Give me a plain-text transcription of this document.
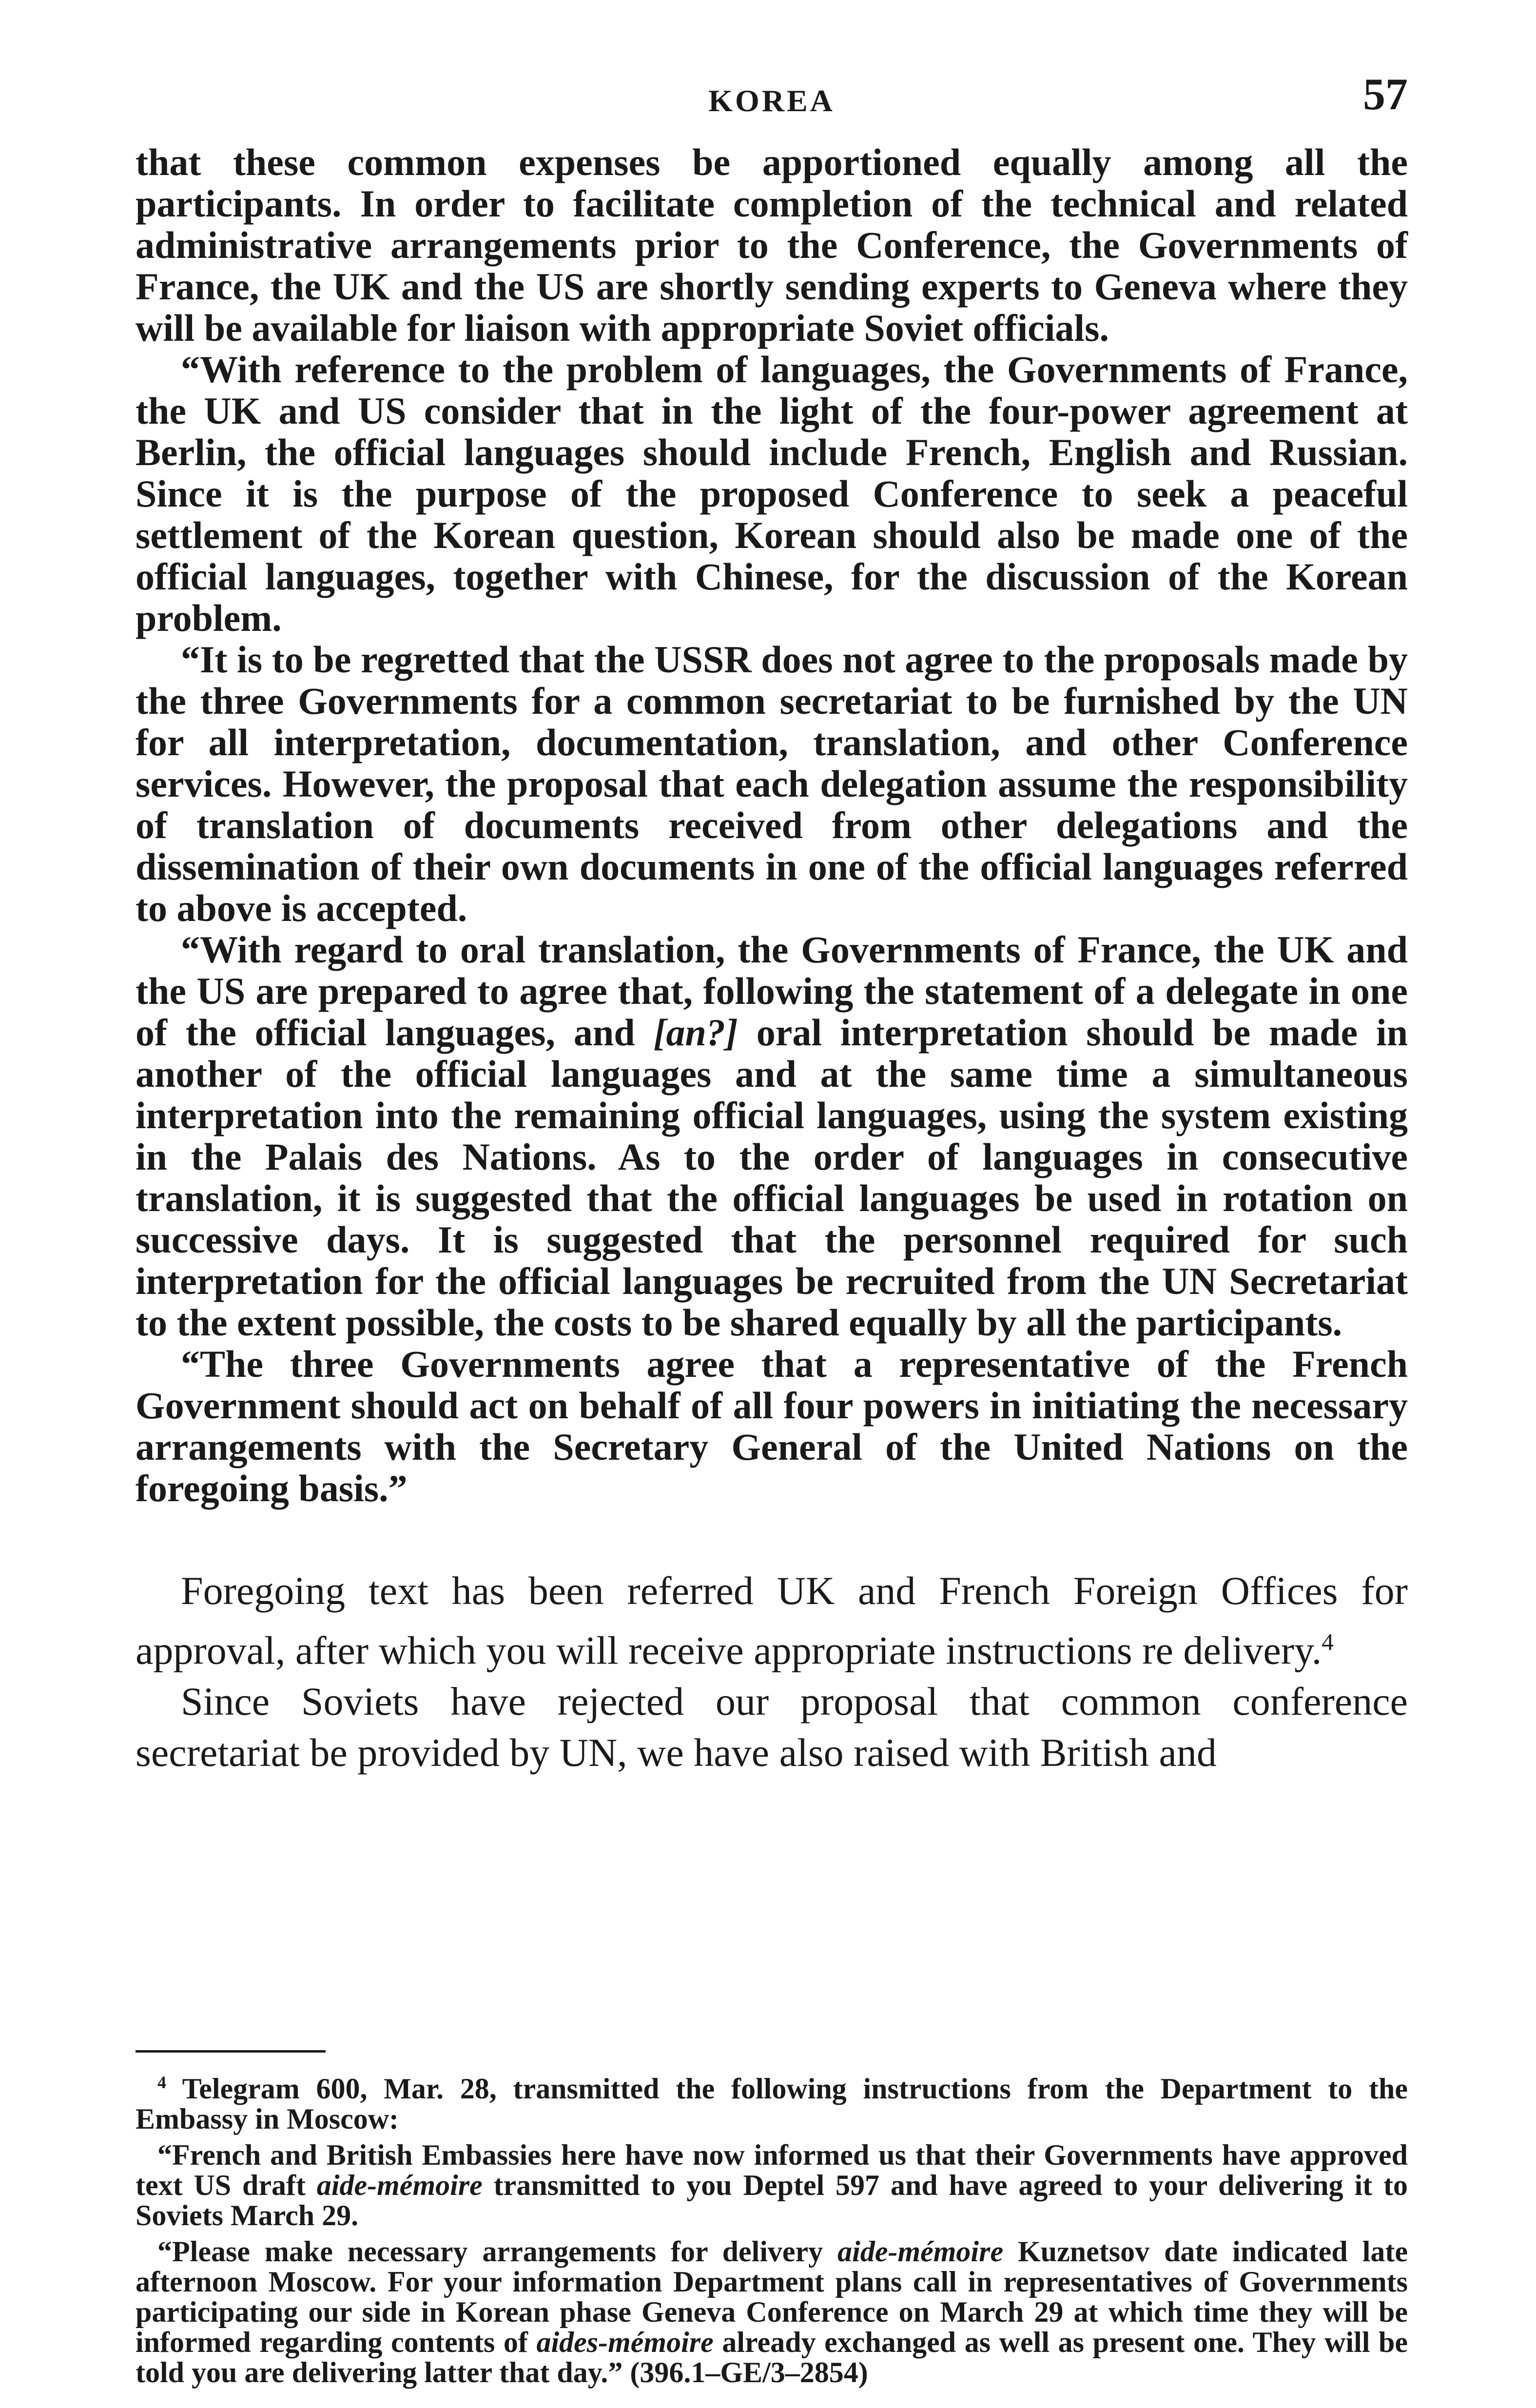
KOREA	57

that these common expenses be apportioned equally among all the participants. In order to facilitate completion of the technical and related administrative arrangements prior to the Conference, the Governments of France, the UK and the US are shortly sending experts to Geneva where they will be available for liaison with appropriate Soviet officials.

“With reference to the problem of languages, the Governments of France, the UK and US consider that in the light of the four-power agreement at Berlin, the official languages should include French, English and Russian. Since it is the purpose of the proposed Conference to seek a peaceful settlement of the Korean question, Korean should also be made one of the official languages, together with Chinese, for the discussion of the Korean problem.

“It is to be regretted that the USSR does not agree to the proposals made by the three Governments for a common secretariat to be furnished by the UN for all interpretation, documentation, translation, and other Conference services. However, the proposal that each delegation assume the responsibility of translation of documents received from other delegations and the dissemination of their own documents in one of the official languages referred to above is accepted.

“With regard to oral translation, the Governments of France, the UK and the US are prepared to agree that, following the statement of a delegate in one of the official languages, and [an?] oral interpretation should be made in another of the official languages and at the same time a simultaneous interpretation into the remaining official languages, using the system existing in the Palais des Nations. As to the order of languages in consecutive translation, it is suggested that the official languages be used in rotation on successive days. It is suggested that the personnel required for such interpretation for the official languages be recruited from the UN Secretariat to the extent possible, the costs to be shared equally by all the participants.

“The three Governments agree that a representative of the French Government should act on behalf of all four powers in initiating the necessary arrangements with the Secretary General of the United Nations on the foregoing basis.”

Foregoing text has been referred UK and French Foreign Offices for approval, after which you will receive appropriate instructions re delivery.$^4$

Since Soviets have rejected our proposal that common conference secretariat be provided by UN, we have also raised with British and

$^4$ Telegram 600, Mar. 28, transmitted the following instructions from the Department to the Embassy in Moscow:

“French and British Embassies here have now informed us that their Governments have approved text US draft aide-mémoire transmitted to you Deptel 597 and have agreed to your delivering it to Soviets March 29.

“Please make necessary arrangements for delivery aide-mémoire Kuznetsov date indicated late afternoon Moscow. For your information Department plans call in representatives of Governments participating our side in Korean phase Geneva Conference on March 29 at which time they will be informed regarding contents of aides-mémoire already exchanged as well as present one. They will be told you are delivering latter that day.” (396.1–GE/3–2854)
